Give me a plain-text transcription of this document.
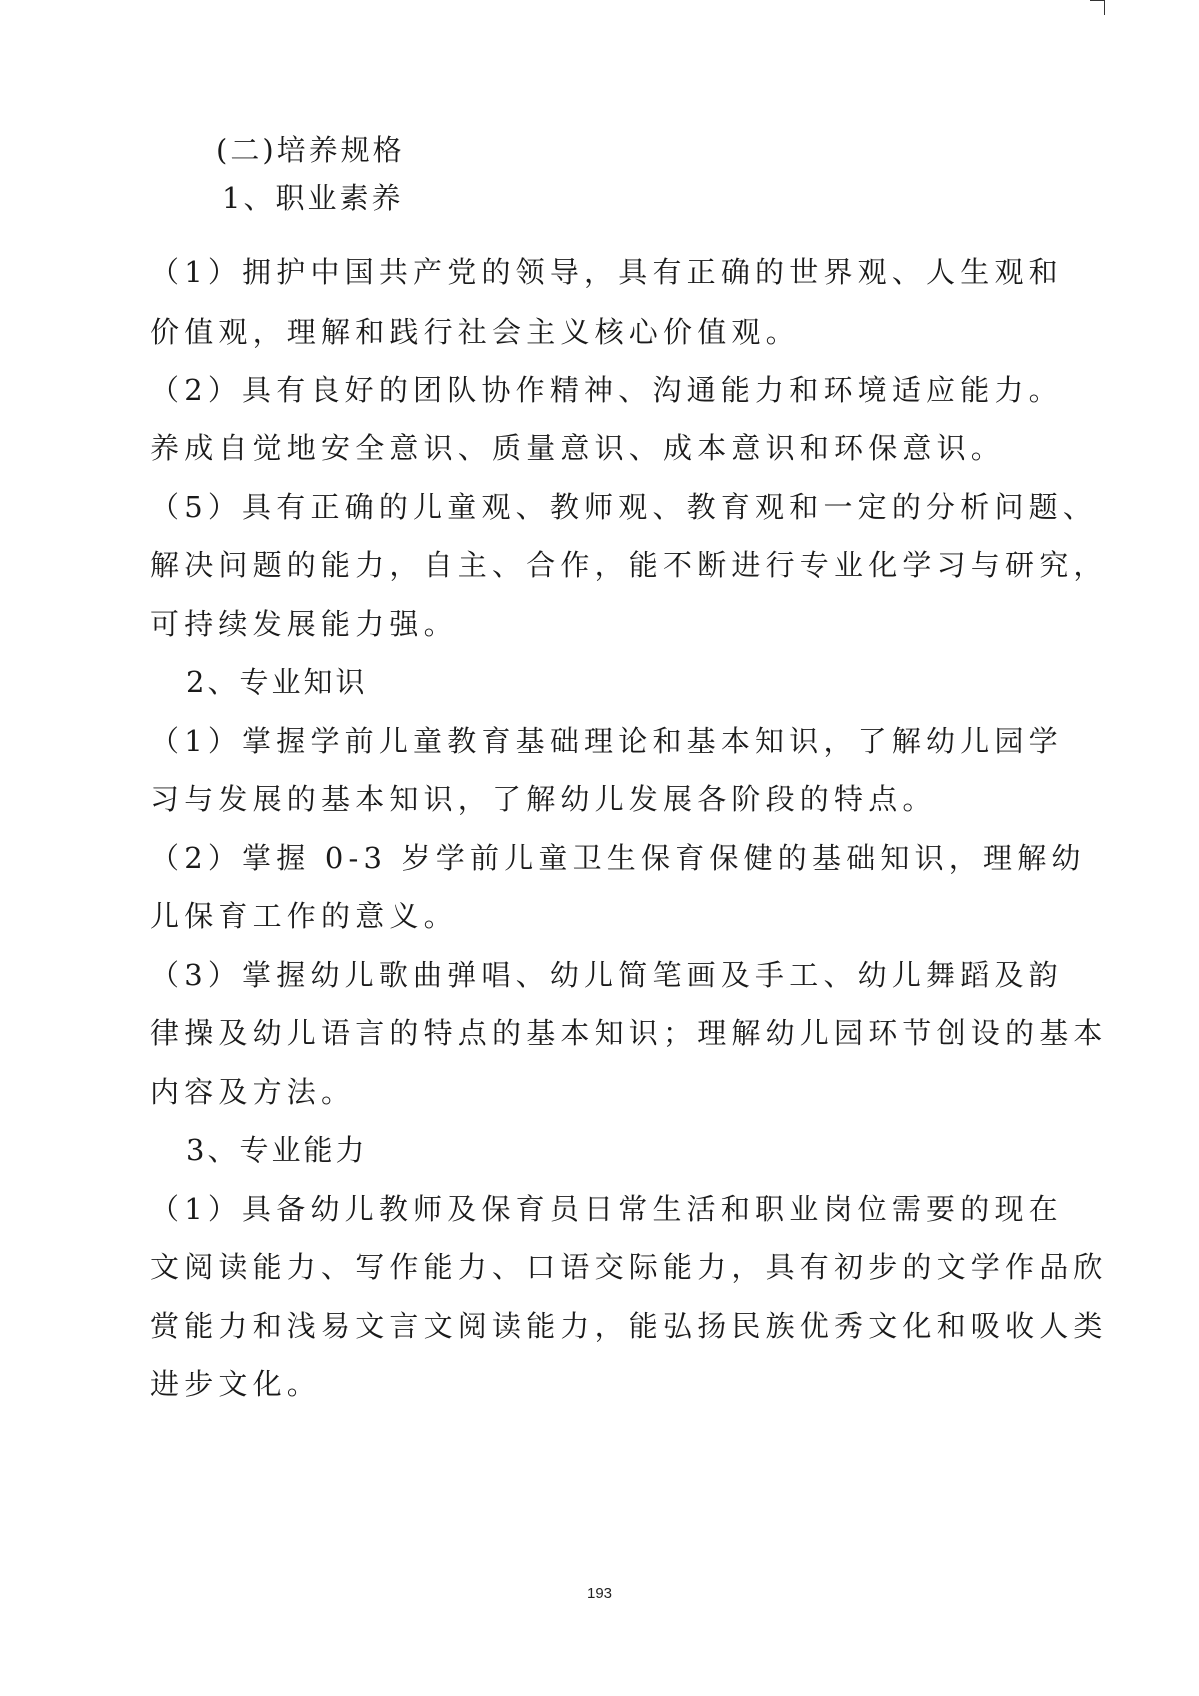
(二)培养规格
1、职业素养
（1）拥护中国共产党的领导，具有正确的世界观、人生观和
价值观，理解和践行社会主义核心价值观。
（2）具有良好的团队协作精神、沟通能力和环境适应能力。
养成自觉地安全意识、质量意识、成本意识和环保意识。
（5）具有正确的儿童观、教师观、教育观和一定的分析问题、
解决问题的能力，自主、合作，能不断进行专业化学习与研究，
可持续发展能力强。
2、专业知识
（1）掌握学前儿童教育基础理论和基本知识，了解幼儿园学
习与发展的基本知识，了解幼儿发展各阶段的特点。
（2）掌握 0-3 岁学前儿童卫生保育保健的基础知识，理解幼
儿保育工作的意义。
（3）掌握幼儿歌曲弹唱、幼儿简笔画及手工、幼儿舞蹈及韵
律操及幼儿语言的特点的基本知识；理解幼儿园环节创设的基本
内容及方法。
3、专业能力
（1）具备幼儿教师及保育员日常生活和职业岗位需要的现在
文阅读能力、写作能力、口语交际能力，具有初步的文学作品欣
赏能力和浅易文言文阅读能力，能弘扬民族优秀文化和吸收人类
进步文化。
193
